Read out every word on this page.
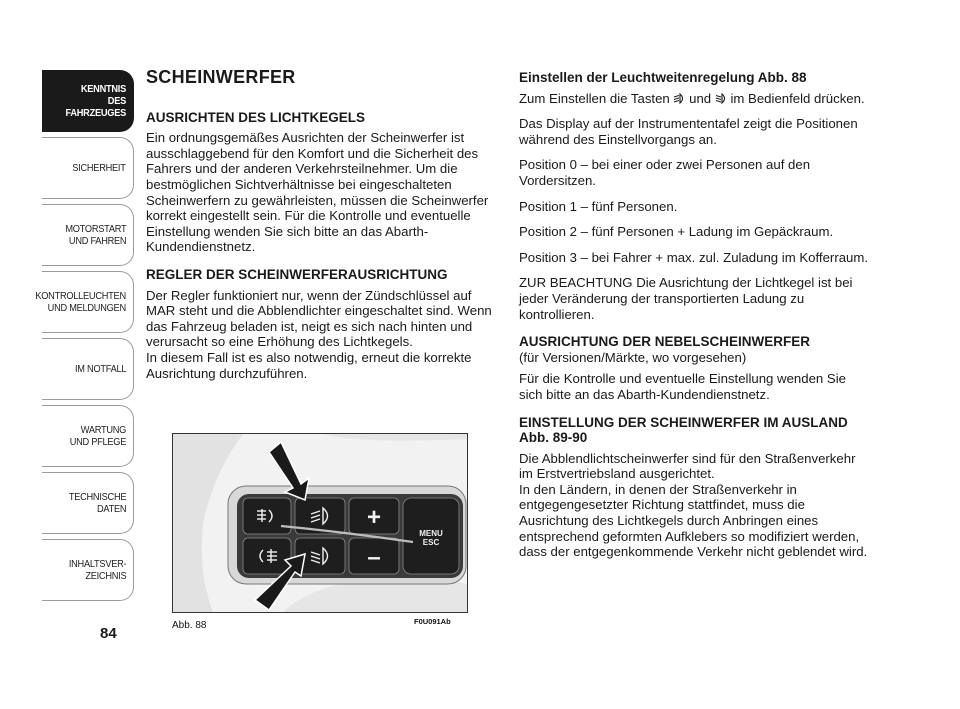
KENNTNIS
DES FAHRZEUGES
SICHERHEIT
MOTORSTART
UND FAHREN
KONTROLLEUCHTEN
UND MELDUNGEN
IM NOTFALL
WARTUNG
UND PFLEGE
TECHNISCHE
DATEN
INHALTSVER-
ZEICHNIS
84
SCHEINWERFER
AUSRICHTEN DES LICHTKEGELS

Ein ordnungsgemäßes Ausrichten der Scheinwerfer ist ausschlaggebend für den Komfort und die Sicherheit des Fahrers und der anderen Verkehrsteilnehmer. Um die bestmöglichen Sichtverhältnisse bei eingeschalteten Scheinwerfern zu gewährleisten, müssen die Scheinwerfer korrekt eingestellt sein. Für die Kontrolle und eventuelle Einstellung wenden Sie sich bitte an das Abarth-Kundendienstnetz.

REGLER DER SCHEINWERFERAUSRICHTUNG

Der Regler funktioniert nur, wenn der Zündschlüssel auf MAR steht und die Abblendlichter eingeschaltet sind. Wenn das Fahrzeug beladen ist, neigt es sich nach hinten und verursacht so eine Erhöhung des Lichtkegels.
In diesem Fall ist es also notwendig, erneut die korrekte Ausrichtung durchzuführen.

+
–
MENU
ESC
Abb. 88	F0U091Ab
Einstellen der Leuchtweitenregelung Abb. 88

Zum Einstellen die Tasten und im Bedienfeld drücken.

Das Display auf der Instrumententafel zeigt die Positionen während des Einstellvorgangs an.

Position 0 – bei einer oder zwei Personen auf den Vordersitzen.

Position 1 – fünf Personen.

Position 2 – fünf Personen + Ladung im Gepäckraum.

Position 3 – bei Fahrer + max. zul. Zuladung im Kofferraum.

ZUR BEACHTUNG Die Ausrichtung der Lichtkegel ist bei jeder Veränderung der transportierten Ladung zu kontrollieren.

AUSRICHTUNG DER NEBELSCHEINWERFER

(für Versionen/Märkte, wo vorgesehen)

Für die Kontrolle und eventuelle Einstellung wenden Sie sich bitte an das Abarth-Kundendienstnetz.

EINSTELLUNG DER SCHEINWERFER IM AUSLAND Abb. 89-90

Die Abblendlichtscheinwerfer sind für den Straßenverkehr im Erstvertriebsland ausgerichtet.
In den Ländern, in denen der Straßenverkehr in entgegengesetzter Richtung stattfindet, muss die Ausrichtung des Lichtkegels durch Anbringen eines entsprechend geformten Aufklebers so modifiziert werden, dass der entgegenkommende Verkehr nicht geblendet wird.
